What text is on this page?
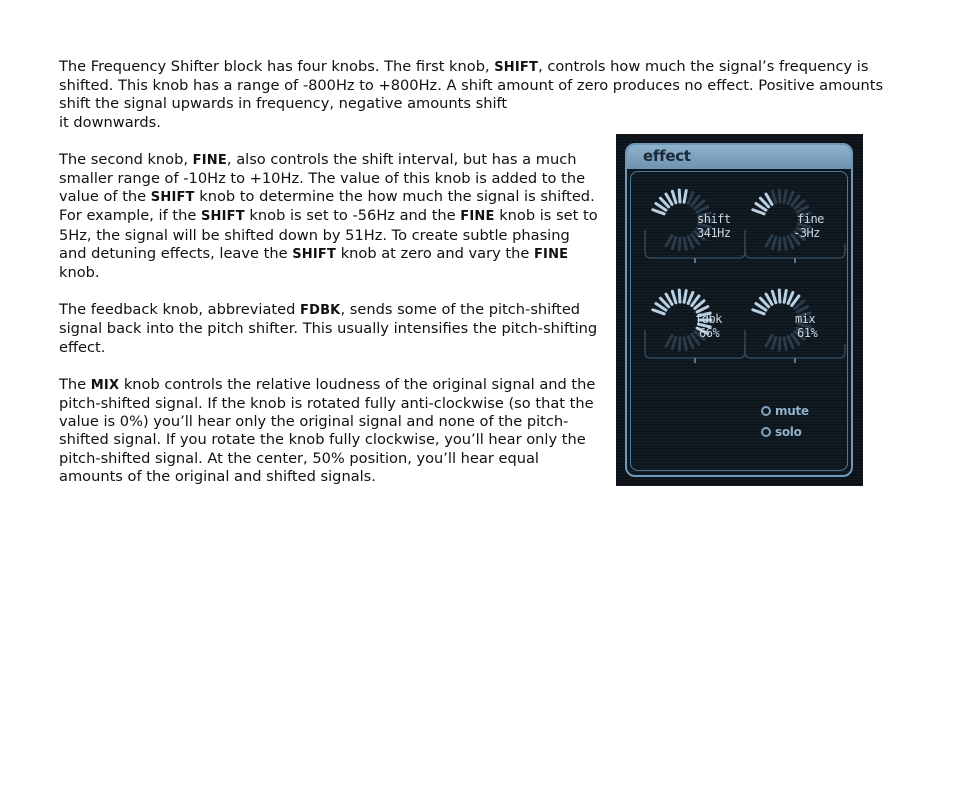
The Frequency Shifter block has four knobs. The first knob, SHIFT, controls how much the signal’s frequency is shifted. This knob has a range of -800Hz to +800Hz. A shift amount of zero produces no effect. Positive amounts shift the signal upwards in frequency, negative amounts shift
it downwards.

The second knob, FINE, also controls the shift interval, but has a much smaller range of -10Hz to +10Hz. The value of this knob is added to the value of the SHIFT knob to determine the how much the signal is shifted. For example, if the SHIFT knob is set to -56Hz and the FINE knob is set to 5Hz, the signal will be shifted down by 51Hz. To create subtle phasing and detuning effects, leave the SHIFT knob at zero and vary the FINE knob.

The feedback knob, abbreviated FDBK, sends some of the pitch-shifted signal back into the pitch shifter. This usually intensifies the pitch-shifting effect.

The MIX knob controls the relative loudness of the original signal and the pitch-shifted signal. If the knob is rotated fully anti-clockwise (so that the value is 0%) you’ll hear only the original signal and none of the pitch-shifted signal. If you rotate the knob fully clockwise, you’ll hear only the pitch-shifted signal. At the center, 50% position, you’ll hear equal amounts of the original and shifted signals.

effect
shift
341Hz
fine
-3Hz
fdbk
66%
mix
61%
mute
solo
